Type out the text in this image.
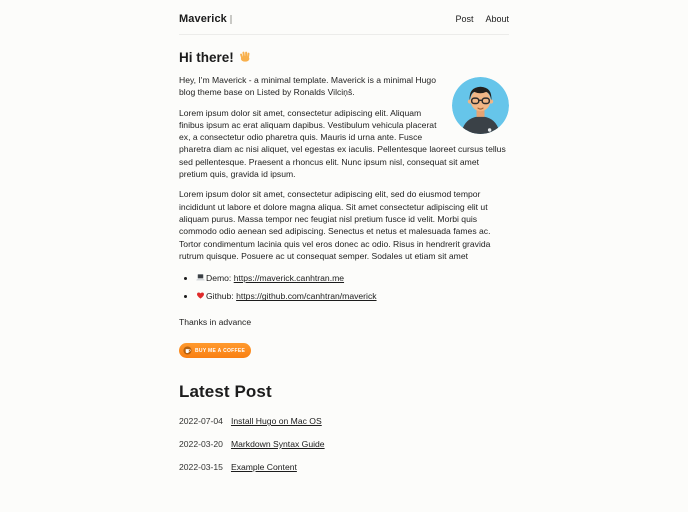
Maverick	Post About
Hi there!

Hey, I'm Maverick - a minimal template. Maverick is a minimal Hugo blog theme base on Listed by Ronalds Vilciņš.

Lorem ipsum dolor sit amet, consectetur adipiscing elit. Aliquam finibus ipsum ac erat aliquam dapibus. Vestibulum vehicula placerat ex, a consectetur odio pharetra quis. Mauris id urna ante. Fusce pharetra diam ac nisi aliquet, vel egestas ex iaculis. Pellentesque laoreet cursus tellus sed pellentesque. Praesent a rhoncus elit. Nunc ipsum nisl, consequat sit amet pretium quis, gravida id ipsum.

Lorem ipsum dolor sit amet, consectetur adipiscing elit, sed do eiusmod tempor incididunt ut labore et dolore magna aliqua. Sit amet consectetur adipiscing elit ut aliquam purus. Massa tempor nec feugiat nisl pretium fusce id velit. Morbi quis commodo odio aenean sed adipiscing. Senectus et netus et malesuada fames ac. Tortor condimentum lacinia quis vel eros donec ac odio. Risus in hendrerit gravida rutrum quisque. Posuere ac ut consequat semper. Sodales ut etiam sit amet

• Demo: https://maverick.canhtran.me
• Github: https://github.com/canhtran/maverick

Thanks in advance

BUY ME A COFFEE
Latest Post
2022-07-04 Install Hugo on Mac OS
2022-03-20 Markdown Syntax Guide
2022-03-15 Example Content
